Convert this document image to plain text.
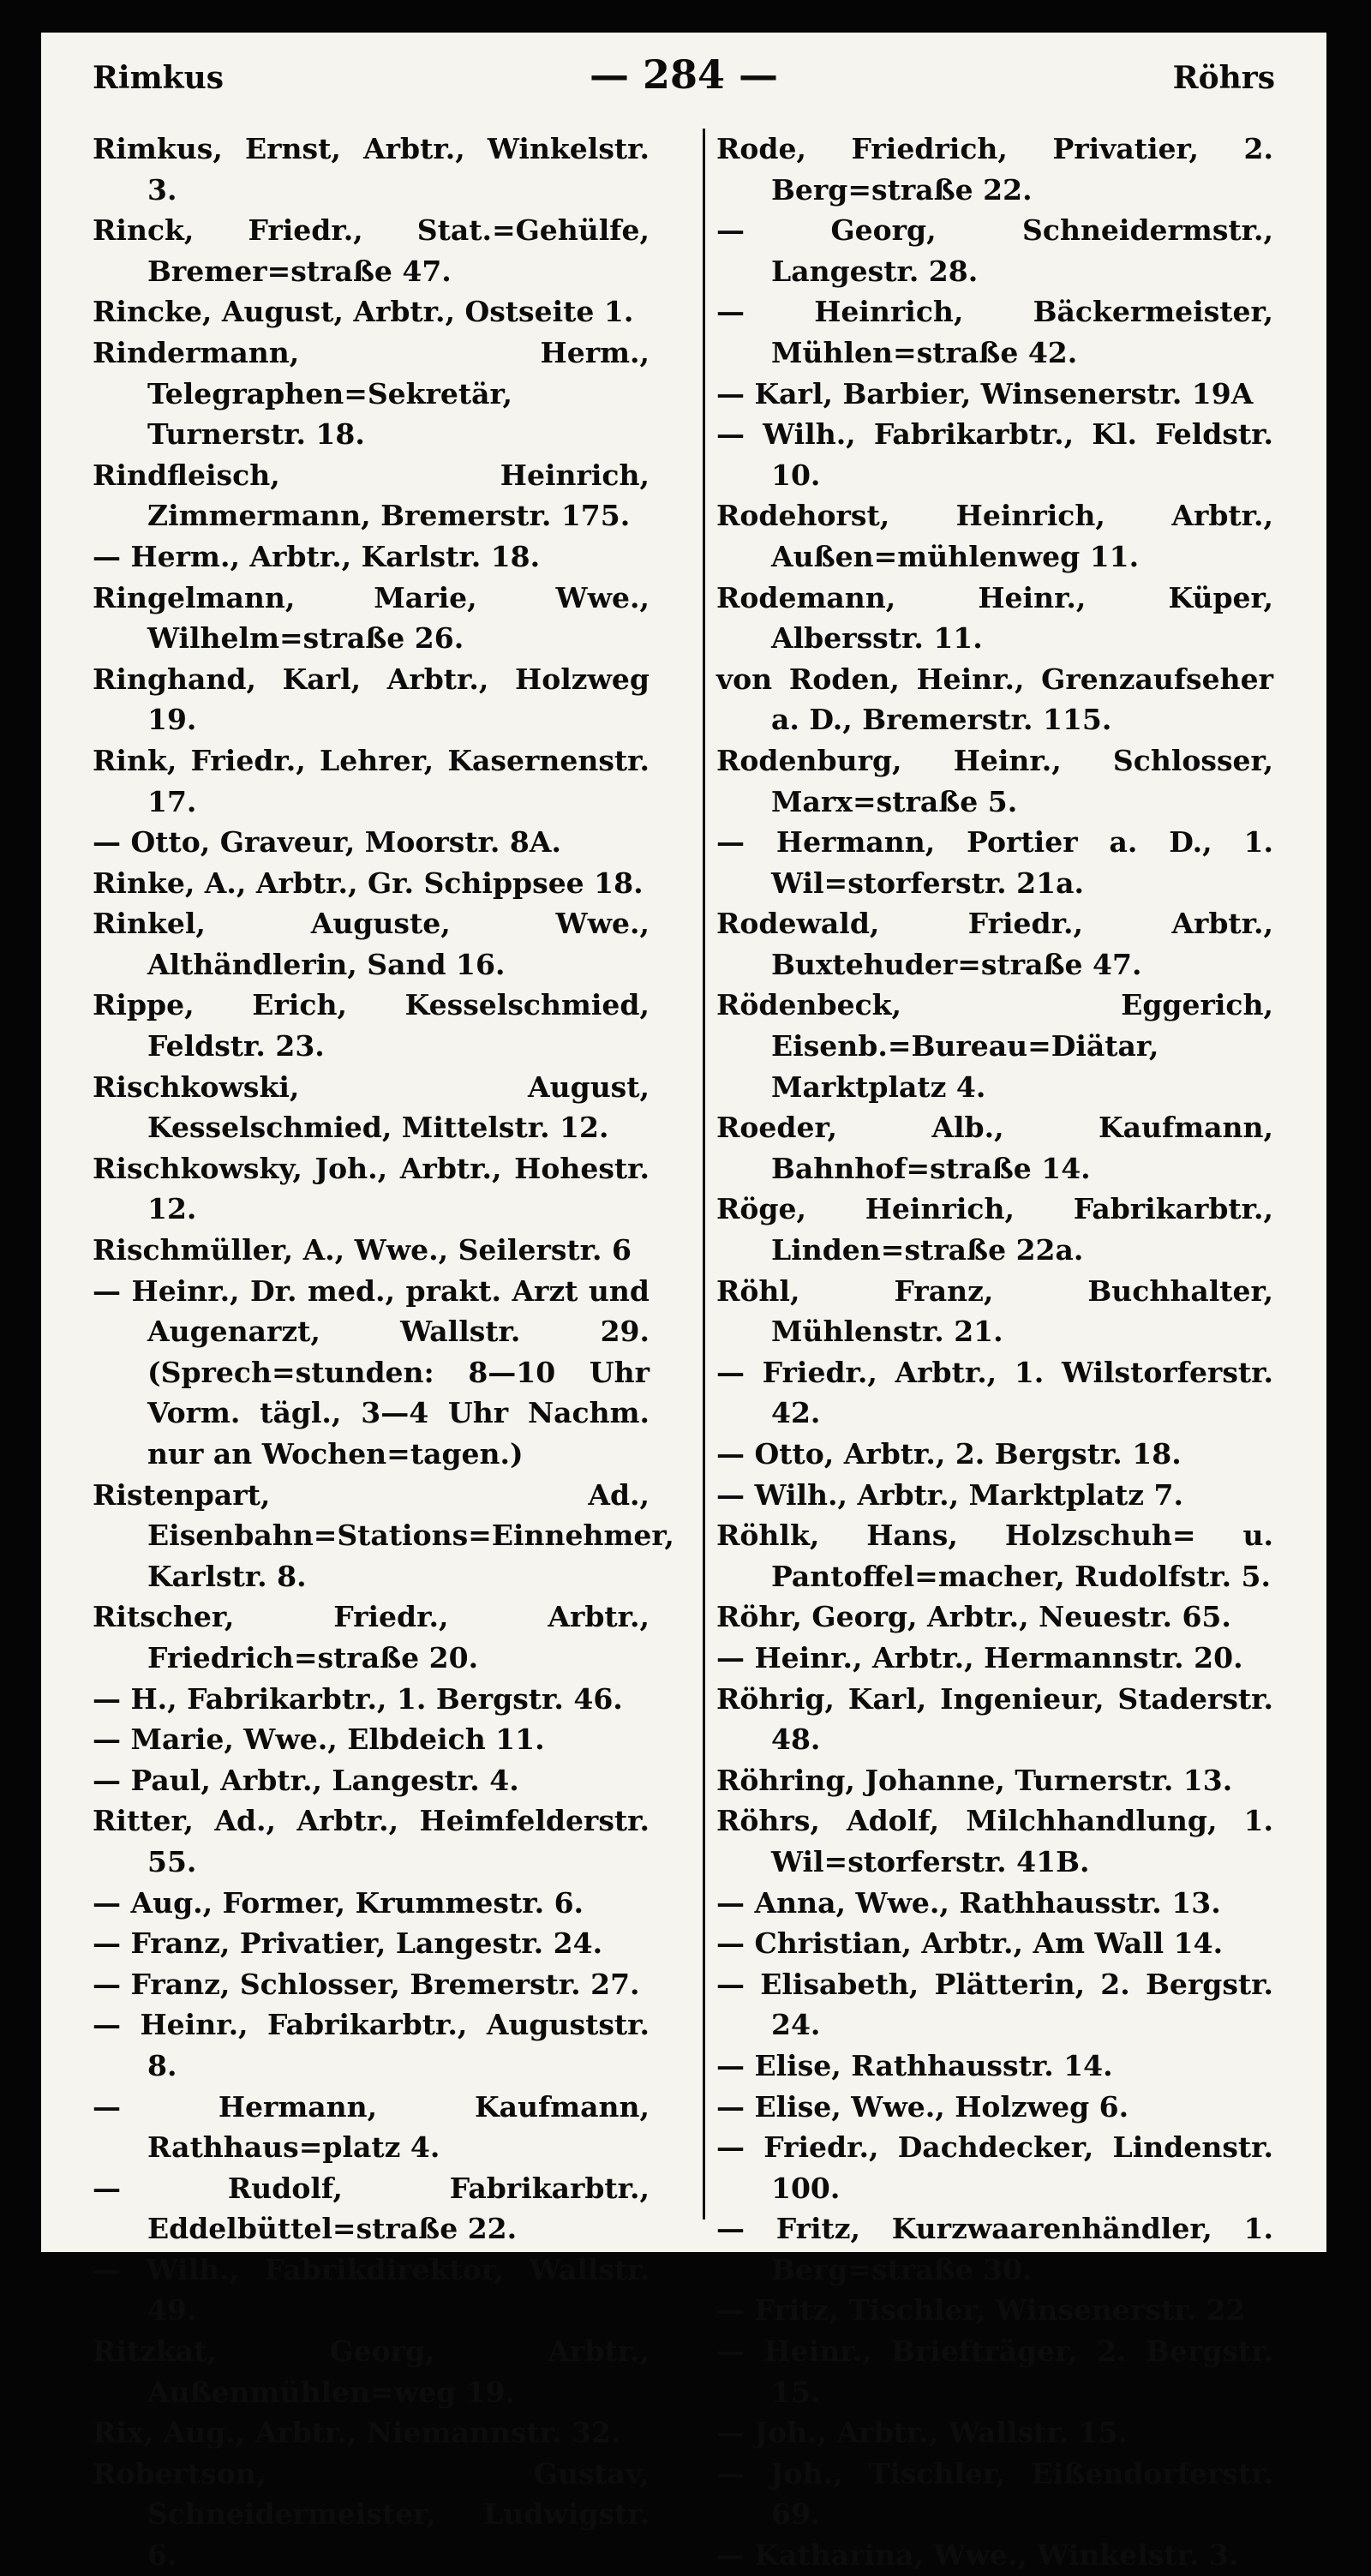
Rimkus	— 284 —	Röhrs
Rimkus, Ernst, Arbtr., Winkelstr. 3.
Rinck, Friedr., Stat.=Gehülfe, Bremer=straße 47.
Rincke, August, Arbtr., Ostseite 1.
Rindermann, Herm., Telegraphen=Sekretär, Turnerstr. 18.
Rindfleisch, Heinrich, Zimmermann, Bremerstr. 175.
— Herm., Arbtr., Karlstr. 18.
Ringelmann, Marie, Wwe., Wilhelm=straße 26.
Ringhand, Karl, Arbtr., Holzweg 19.
Rink, Friedr., Lehrer, Kasernenstr. 17.
— Otto, Graveur, Moorstr. 8A.
Rinke, A., Arbtr., Gr. Schippsee 18.
Rinkel, Auguste, Wwe., Althändlerin, Sand 16.
Rippe, Erich, Kesselschmied, Feldstr. 23.
Rischkowski, August, Kesselschmied, Mittelstr. 12.
Rischkowsky, Joh., Arbtr., Hohestr. 12.
Rischmüller, A., Wwe., Seilerstr. 6
— Heinr., Dr. med., prakt. Arzt und Augenarzt, Wallstr. 29. (Sprech=stunden: 8—10 Uhr Vorm. tägl., 3—4 Uhr Nachm. nur an Wochen=tagen.)
Ristenpart, Ad., Eisenbahn=Stations=Einnehmer, Karlstr. 8.
Ritscher, Friedr., Arbtr., Friedrich=straße 20.
— H., Fabrikarbtr., 1. Bergstr. 46.
— Marie, Wwe., Elbdeich 11.
— Paul, Arbtr., Langestr. 4.
Ritter, Ad., Arbtr., Heimfelderstr. 55.
— Aug., Former, Krummestr. 6.
— Franz, Privatier, Langestr. 24.
— Franz, Schlosser, Bremerstr. 27.
— Heinr., Fabrikarbtr., Auguststr. 8.
— Hermann, Kaufmann, Rathhaus=platz 4.
— Rudolf, Fabrikarbtr., Eddelbüttel=straße 22.
— Wilh., Fabrikdirektor, Wallstr. 49.
Ritzkat, Georg, Arbtr., Außenmühlen=weg 19.
Rix, Aug., Arbtr., Niemannstr. 32.
Robertson, Gustav, Schneidermeister, Ludwigstr. 6.
Rode, Friedrich, Privatier, 2. Berg=straße 22.
— Georg, Schneidermstr., Langestr. 28.
— Heinrich, Bäckermeister, Mühlen=straße 42.
— Karl, Barbier, Winsenerstr. 19A
— Wilh., Fabrikarbtr., Kl. Feldstr. 10.
Rodehorst, Heinrich, Arbtr., Außen=mühlenweg 11.
Rodemann, Heinr., Küper, Albersstr. 11.
von Roden, Heinr., Grenzaufseher a. D., Bremerstr. 115.
Rodenburg, Heinr., Schlosser, Marx=straße 5.
— Hermann, Portier a. D., 1. Wil=storferstr. 21a.
Rodewald, Friedr., Arbtr., Buxtehuder=straße 47.
Rödenbeck, Eggerich, Eisenb.=Bureau=Diätar, Marktplatz 4.
Roeder, Alb., Kaufmann, Bahnhof=straße 14.
Röge, Heinrich, Fabrikarbtr., Linden=straße 22a.
Röhl, Franz, Buchhalter, Mühlenstr. 21.
— Friedr., Arbtr., 1. Wilstorferstr. 42.
— Otto, Arbtr., 2. Bergstr. 18.
— Wilh., Arbtr., Marktplatz 7.
Röhlk, Hans, Holzschuh= u. Pantoffel=macher, Rudolfstr. 5.
Röhr, Georg, Arbtr., Neuestr. 65.
— Heinr., Arbtr., Hermannstr. 20.
Röhrig, Karl, Ingenieur, Staderstr. 48.
Röhring, Johanne, Turnerstr. 13.
Röhrs, Adolf, Milchhandlung, 1. Wil=storferstr. 41B.
— Anna, Wwe., Rathhausstr. 13.
— Christian, Arbtr., Am Wall 14.
— Elisabeth, Plätterin, 2. Bergstr. 24.
— Elise, Rathhausstr. 14.
— Elise, Wwe., Holzweg 6.
— Friedr., Dachdecker, Lindenstr. 100.
— Fritz, Kurzwaarenhändler, 1. Berg=straße 30.
— Fritz, Tischler, Winsenerstr. 22
— Heinr., Briefträger, 2. Bergstr. 15.
— Joh., Arbtr., Wallstr. 15.
— Joh., Tischler, Eißendorferstr. 69.
— Katharina, Wwe., Winkelstr. 3.
